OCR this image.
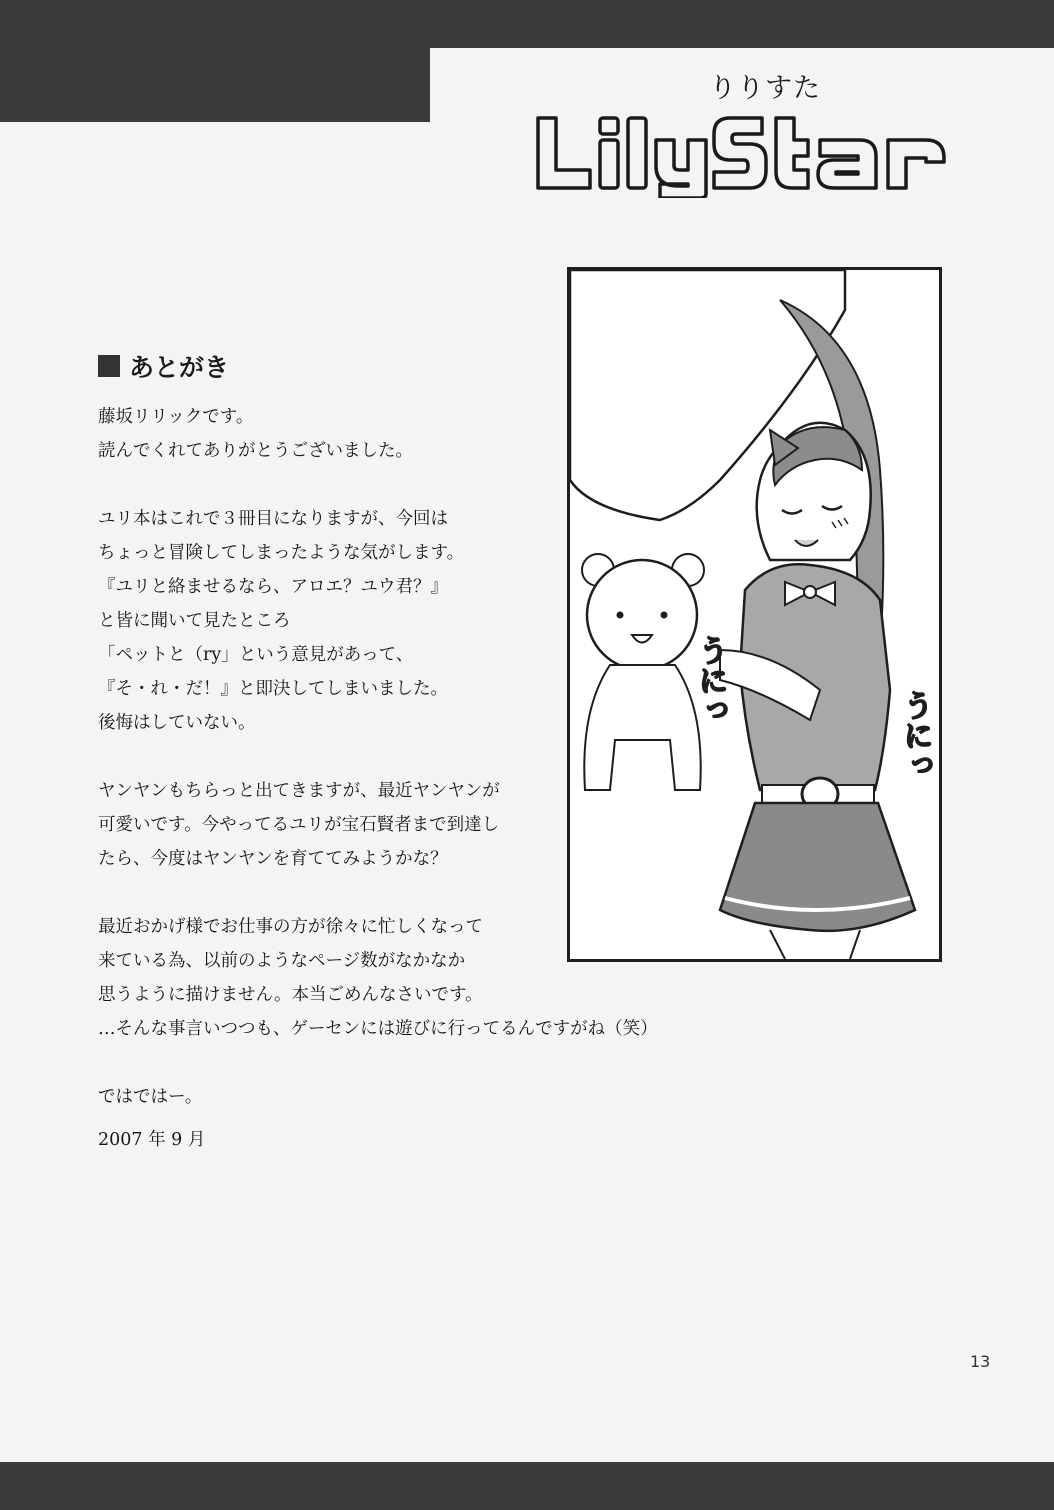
りりすた
あとがき

藤坂リリックです。

読んでくれてありがとうございました。

ユリ本はこれで３冊目になりますが、今回は

ちょっと冒険してしまったような気がします。

『ユリと絡ませるなら、アロエ？ユウ君？』

と皆に聞いて見たところ

「ペットと（ry」という意見があって、

『そ・れ・だ！』と即決してしまいました。

後悔はしていない。

ヤンヤンもちらっと出てきますが、最近ヤンヤンが

可愛いです。今やってるユリが宝石賢者まで到達し

たら、今度はヤンヤンを育ててみようかな？

最近おかげ様でお仕事の方が徐々に忙しくなって

来ている為、以前のようなページ数がなかなか

思うように描けません。本当ごめんなさいです。

…そんな事言いつつも、ゲーセンには遊びに行ってるんですがね（笑）

ではではー。

2007 年 9 月
うにっ
うにっ
13
